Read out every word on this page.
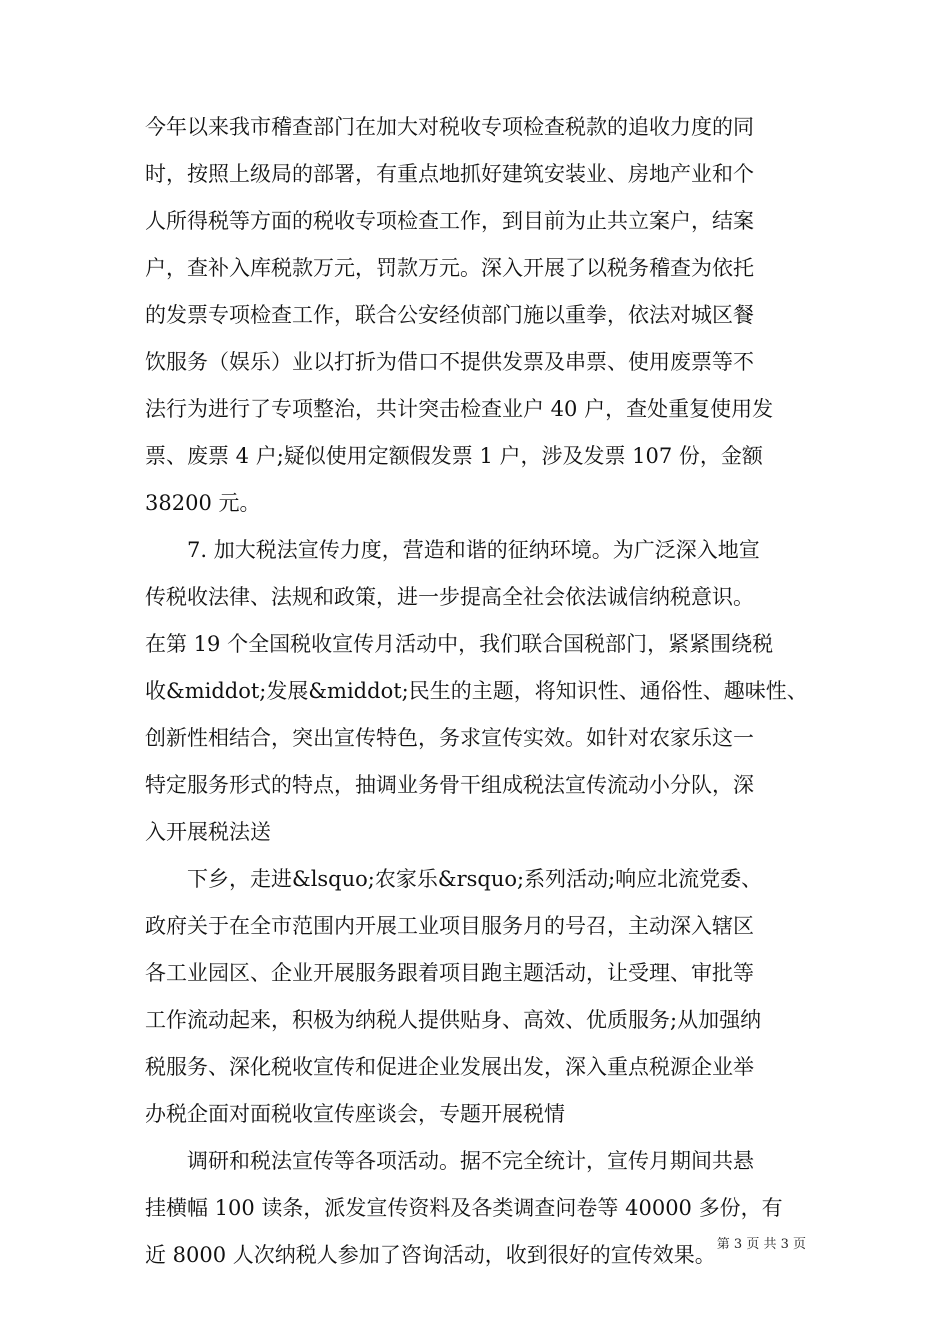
今年以来我市稽查部门在加大对税收专项检查税款的追收力度的同
时，按照上级局的部署，有重点地抓好建筑安装业、房地产业和个
人所得税等方面的税收专项检查工作，到目前为止共立案户，结案
户，查补入库税款万元，罚款万元。深入开展了以税务稽查为依托
的发票专项检查工作，联合公安经侦部门施以重拳，依法对城区餐
饮服务（娱乐）业以打折为借口不提供发票及串票、使用废票等不
法行为进行了专项整治，共计突击检查业户 40 户，查处重复使用发
票、废票 4 户;疑似使用定额假发票 1 户，涉及发票 107 份，金额
38200 元。
7. 加大税法宣传力度，营造和谐的征纳环境。为广泛深入地宣
传税收法律、法规和政策，进一步提高全社会依法诚信纳税意识。
在第 19 个全国税收宣传月活动中，我们联合国税部门，紧紧围绕税
收&middot;发展&middot;民生的主题，将知识性、通俗性、趣味性、
创新性相结合，突出宣传特色，务求宣传实效。如针对农家乐这一
特定服务形式的特点，抽调业务骨干组成税法宣传流动小分队，深
入开展税法送
下乡，走进&lsquo;农家乐&rsquo;系列活动;响应北流党委、
政府关于在全市范围内开展工业项目服务月的号召，主动深入辖区
各工业园区、企业开展服务跟着项目跑主题活动，让受理、审批等
工作流动起来，积极为纳税人提供贴身、高效、优质服务;从加强纳
税服务、深化税收宣传和促进企业发展出发，深入重点税源企业举
办税企面对面税收宣传座谈会，专题开展税情
调研和税法宣传等各项活动。据不完全统计，宣传月期间共悬
挂横幅 100 读条，派发宣传资料及各类调查问卷等 40000 多份，有
近 8000 人次纳税人参加了咨询活动，收到很好的宣传效果。 第 3 页 共 3 页
